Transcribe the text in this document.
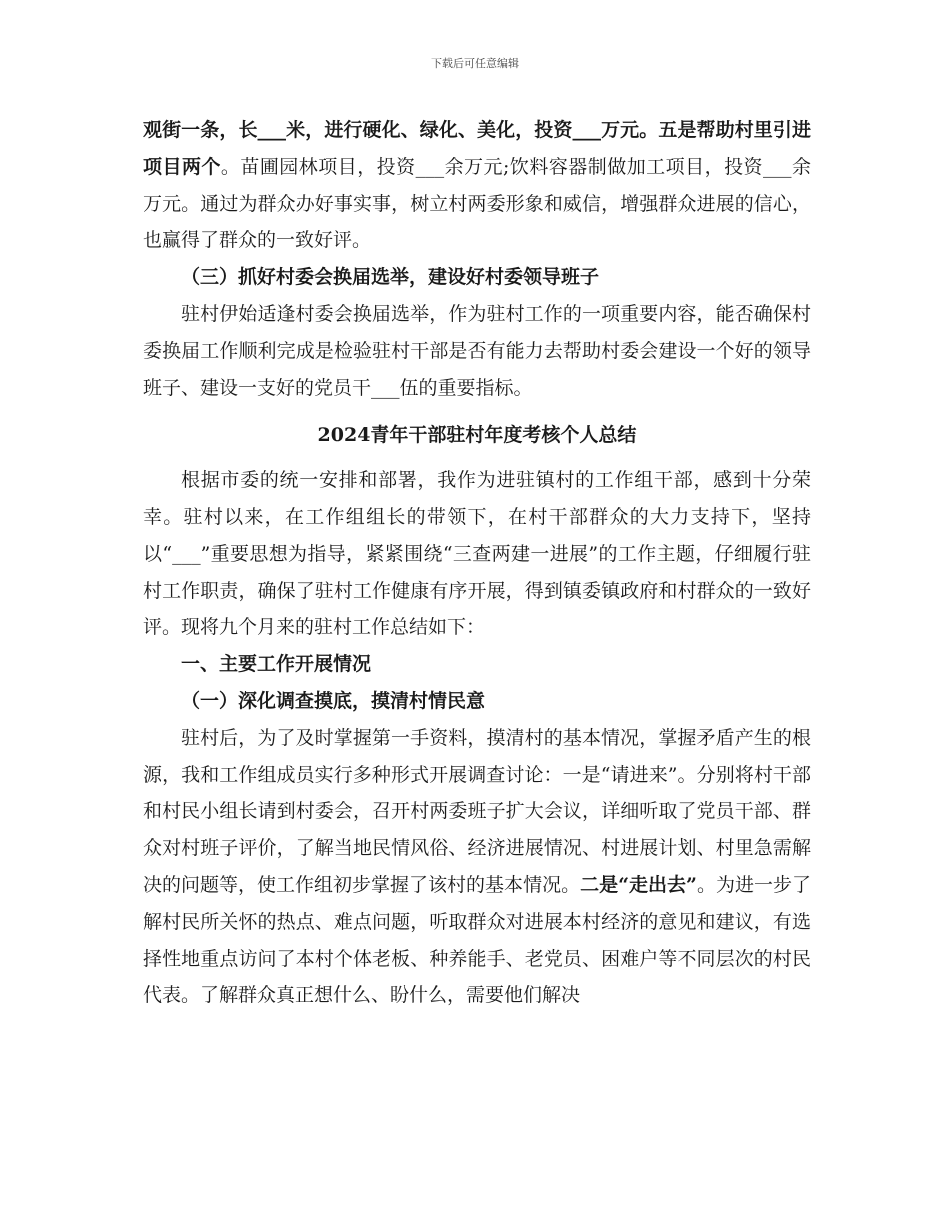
下载后可任意编辑

观街一条，长___米，进行硬化、绿化、美化，投资___万元。五是帮助村里引进项目两个。苗圃园林项目，投资___余万元;饮料容器制做加工项目，投资___余万元。通过为群众办好事实事，树立村两委形象和威信，增强群众进展的信心，也赢得了群众的一致好评。

（三）抓好村委会换届选举，建设好村委领导班子

驻村伊始适逢村委会换届选举，作为驻村工作的一项重要内容，能否确保村委换届工作顺利完成是检验驻村干部是否有能力去帮助村委会建设一个好的领导班子、建设一支好的党员干___伍的重要指标。

2024青年干部驻村年度考核个人总结

根据市委的统一安排和部署，我作为进驻镇村的工作组干部，感到十分荣幸。驻村以来，在工作组组长的带领下，在村干部群众的大力支持下，坚持以“___”重要思想为指导，紧紧围绕“三查两建一进展”的工作主题，仔细履行驻村工作职责，确保了驻村工作健康有序开展，得到镇委镇政府和村群众的一致好评。现将九个月来的驻村工作总结如下：

一、主要工作开展情况

（一）深化调查摸底，摸清村情民意

驻村后，为了及时掌握第一手资料，摸清村的基本情况，掌握矛盾产生的根源，我和工作组成员实行多种形式开展调查讨论：一是“请进来”。分别将村干部和村民小组长请到村委会，召开村两委班子扩大会议，详细听取了党员干部、群众对村班子评价，了解当地民情风俗、经济进展情况、村进展计划、村里急需解决的问题等，使工作组初步掌握了该村的基本情况。二是“走出去”。为进一步了解村民所关怀的热点、难点问题，听取群众对进展本村经济的意见和建议，有选择性地重点访问了本村个体老板、种养能手、老党员、困难户等不同层次的村民代表。了解群众真正想什么、盼什么，需要他们解决
